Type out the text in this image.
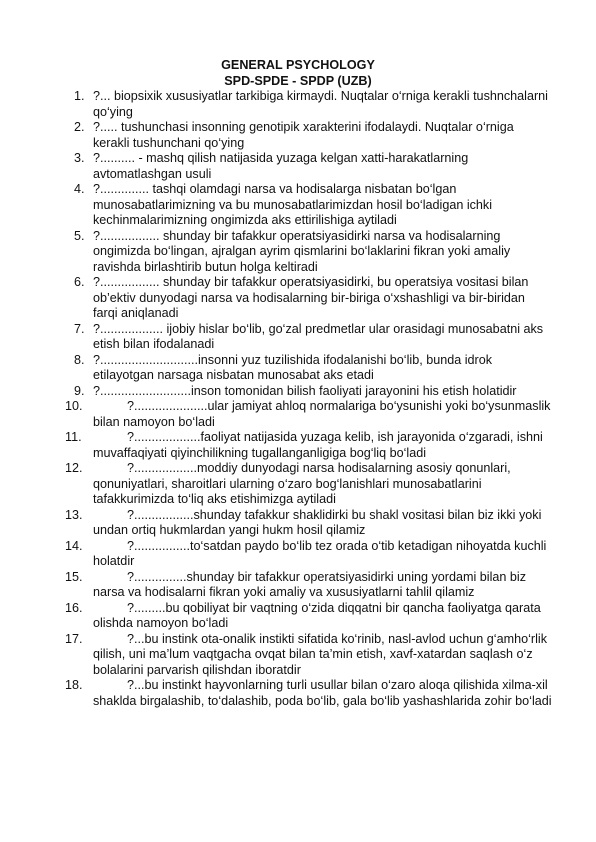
GENERAL PSYCHOLOGY
SPD-SPDE - SPDP (UZB)
1. ?... biopsixik xususiyatlar tarkibiga kirmaydi. Nuqtalar o‘rniga kerakli tushnchalarni qo‘ying
2. ?..... tushunchasi insonning genotipik xarakterini ifodalaydi. Nuqtalar o‘rniga kerakli tushunchani qo‘ying
3. ?.......... - mashq qilish natijasida yuzaga kelgan xatti-harakatlarning avtomatlashgan usuli
4. ?.............. tashqi olamdagi narsa va hodisalarga nisbatan bo‘lgan munosabatlarimizning va bu munosabatlarimizdan hosil bo‘ladigan ichki kechinmalarimizning ongimizda aks ettirilishiga aytiladi
5. ?................. shunday bir tafakkur operatsiyasidirki narsa va hodisalarning ongimizda bo‘lingan, ajralgan ayrim qismlarini bo‘laklarini fikran yoki amaliy ravishda birlashtirib butun holga keltiradi
6. ?................. shunday bir tafakkur operatsiyasidirki, bu operatsiya vositasi bilan ob’ektiv dunyodagi narsa va hodisalarning bir-biriga o‘xshashligi va bir-biridan farqi aniqlanadi
7. ?.................. ijobiy hislar bo‘lib, go‘zal predmetlar ular orasidagi munosabatni aks etish bilan ifodalanadi
8. ?............................insonni yuz tuzilishida ifodalanishi bo‘lib, bunda idrok etilayotgan narsaga nisbatan munosabat aks etadi
9. ?..........................inson tomonidan bilish faoliyati jarayonini his etish holatidir
10.	?.....................ular jamiyat ahloq normalariga bo‘ysunishi yoki bo‘ysunmaslik bilan namoyon bo‘ladi
11.	?...................faoliyat natijasida yuzaga kelib, ish jarayonida o‘zgaradi, ishni muvaffaqiyati qiyinchilikning tugallanganligiga bog‘liq bo‘ladi
12.	?..................moddiy dunyodagi narsa hodisalarning asosiy qonunlari, qonuniyatlari, sharoitlari ularning o‘zaro bog‘lanishlari munosabatlarini tafakkurimizda to‘liq aks etishimizga aytiladi
13.	?.................shunday tafakkur shaklidirki bu shakl vositasi bilan biz ikki yoki undan ortiq hukmlardan yangi hukm hosil qilamiz
14.	?................to‘satdan paydo bo‘lib tez orada o‘tib ketadigan nihoyatda kuchli holatdir
15.	?...............shunday bir tafakkur operatsiyasidirki uning yordami bilan biz narsa va hodisalarni fikran yoki amaliy va xususiyatlarni tahlil qilamiz
16.	?.........bu qobiliyat bir vaqtning o‘zida diqqatni bir qancha faoliyatga qarata olishda namoyon bo‘ladi
17.	?...bu instink ota-onalik instikti sifatida ko‘rinib, nasl-avlod uchun g‘amho‘rlik qilish, uni ma’lum vaqtgacha ovqat bilan ta’min etish, xavf-xatardan saqlash o‘z bolalarini parvarish qilishdan iboratdir
18.	?...bu instinkt hayvonlarning turli usullar bilan o‘zaro aloqa qilishida xilma-xil shaklda birgalashib, to‘dalashib, poda bo‘lib, gala bo‘lib yashashlarida zohir bo‘ladi
